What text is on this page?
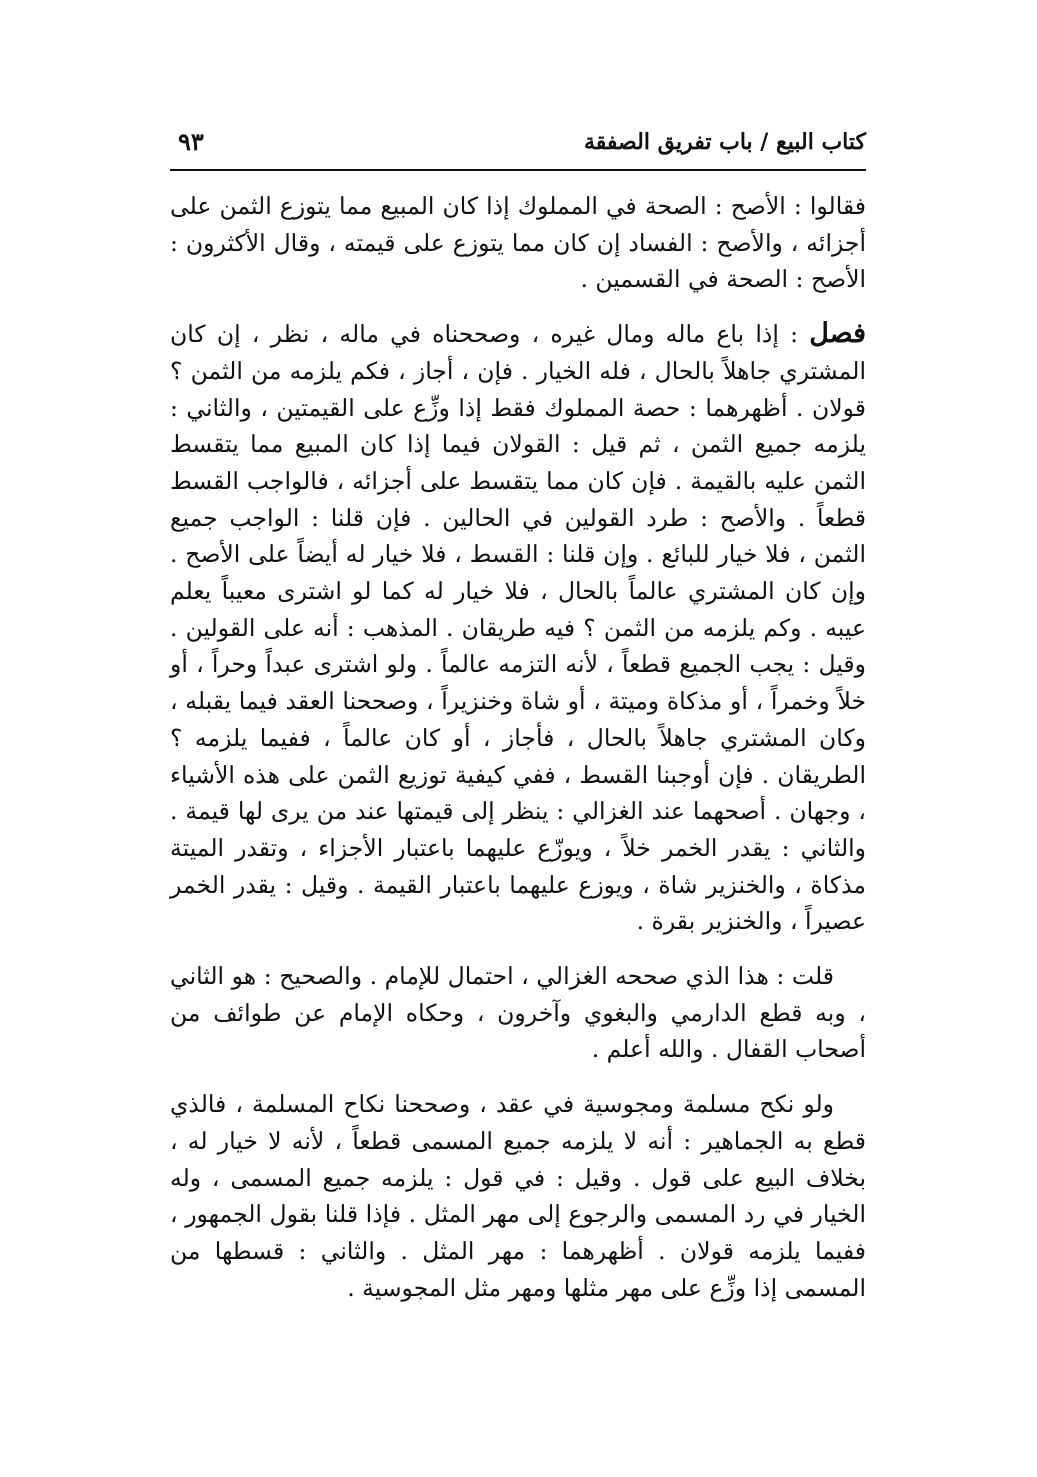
كتاب البيع / باب تفريق الصفقة
٩٣

فقالوا : الأصح : الصحة في المملوك إذا كان المبيع مما يتوزع الثمن على أجزائه ، والأصح : الفساد إن كان مما يتوزع على قيمته ، وقال الأكثرون : الأصح : الصحة في القسمين .

فصل : إذا باع ماله ومال غيره ، وصححناه في ماله ، نظر ، إن كان المشتري جاهلاً بالحال ، فله الخيار . فإن ، أجاز ، فكم يلزمه من الثمن ؟ قولان . أظهرهما : حصة المملوك فقط إذا وزِّع على القيمتين ، والثاني : يلزمه جميع الثمن ، ثم قيل : القولان فيما إذا كان المبيع مما يتقسط الثمن عليه بالقيمة . فإن كان مما يتقسط على أجزائه ، فالواجب القسط قطعاً . والأصح : طرد القولين في الحالين . فإن قلنا : الواجب جميع الثمن ، فلا خيار للبائع . وإن قلنا : القسط ، فلا خيار له أيضاً على الأصح . وإن كان المشتري عالماً بالحال ، فلا خيار له كما لو اشترى معيباً يعلم عيبه . وكم يلزمه من الثمن ؟ فيه طريقان . المذهب : أنه على القولين . وقيل : يجب الجميع قطعاً ، لأنه التزمه عالماً . ولو اشترى عبداً وحراً ، أو خلاً وخمراً ، أو مذكاة وميتة ، أو شاة وخنزيراً ، وصححنا العقد فيما يقبله ، وكان المشتري جاهلاً بالحال ، فأجاز ، أو كان عالماً ، ففيما يلزمه ؟ الطريقان . فإن أوجبنا القسط ، ففي كيفية توزيع الثمن على هذه الأشياء ، وجهان . أصحهما عند الغزالي : ينظر إلى قيمتها عند من يرى لها قيمة . والثاني : يقدر الخمر خلاً ، ويوزّع عليهما باعتبار الأجزاء ، وتقدر الميتة مذكاة ، والخنزير شاة ، ويوزع عليهما باعتبار القيمة . وقيل : يقدر الخمر عصيراً ، والخنزير بقرة .

قلت : هذا الذي صححه الغزالي ، احتمال للإمام . والصحيح : هو الثاني ، وبه قطع الدارمي والبغوي وآخرون ، وحكاه الإمام عن طوائف من أصحاب القفال . والله أعلم .

ولو نكح مسلمة ومجوسية في عقد ، وصححنا نكاح المسلمة ، فالذي قطع به الجماهير : أنه لا يلزمه جميع المسمى قطعاً ، لأنه لا خيار له ، بخلاف البيع على قول . وقيل : في قول : يلزمه جميع المسمى ، وله الخيار في رد المسمى والرجوع إلى مهر المثل . فإذا قلنا بقول الجمهور ، ففيما يلزمه قولان . أظهرهما : مهر المثل . والثاني : قسطها من المسمى إذا وزِّع على مهر مثلها ومهر مثل المجوسية .
